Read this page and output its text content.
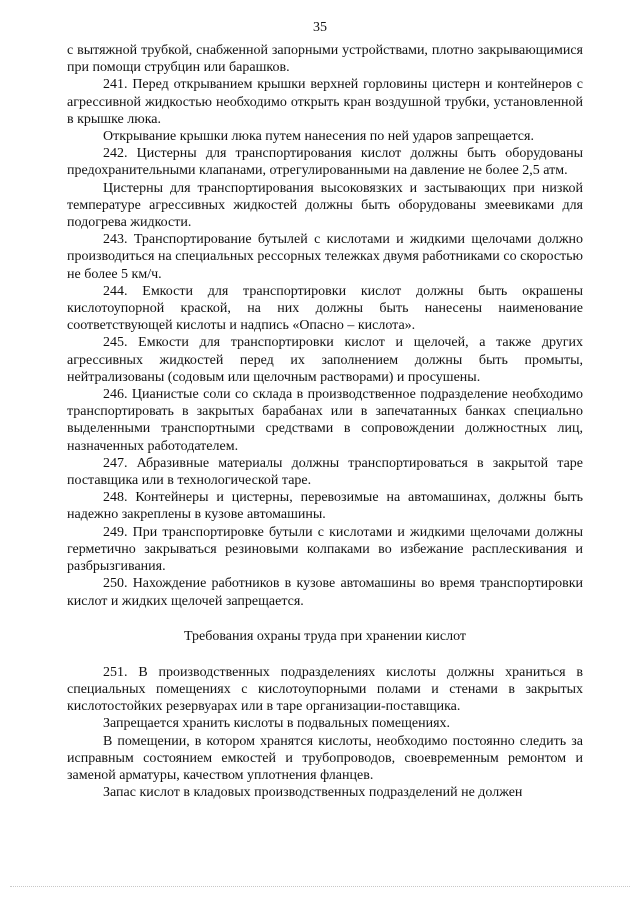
35

с вытяжной трубкой, снабженной запорными устройствами, плотно закрывающимися при помощи струбцин или барашков.

241. Перед открыванием крышки верхней горловины цистерн и контейнеров с агрессивной жидкостью необходимо открыть кран воздушной трубки, установленной в крышке люка.

Открывание крышки люка путем нанесения по ней ударов запрещается.

242. Цистерны для транспортирования кислот должны быть оборудованы предохранительными клапанами, отрегулированными на давление не более 2,5 атм.

Цистерны для транспортирования высоковязких и застывающих при низкой температуре агрессивных жидкостей должны быть оборудованы змеевиками для подогрева жидкости.

243. Транспортирование бутылей с кислотами и жидкими щелочами должно производиться на специальных рессорных тележках двумя работниками со скоростью не более 5 км/ч.

244. Емкости для транспортировки кислот должны быть окрашены кислотоупорной краской, на них должны быть нанесены наименование соответствующей кислоты и надпись «Опасно – кислота».

245. Емкости для транспортировки кислот и щелочей, а также других агрессивных жидкостей перед их заполнением должны быть промыты, нейтрализованы (содовым или щелочным растворами) и просушены.

246. Цианистые соли со склада в производственное подразделение необходимо транспортировать в закрытых барабанах или в запечатанных банках специально выделенными транспортными средствами в сопровождении должностных лиц, назначенных работодателем.

247. Абразивные материалы должны транспортироваться в закрытой таре поставщика или в технологической таре.

248. Контейнеры и цистерны, перевозимые на автомашинах, должны быть надежно закреплены в кузове автомашины.

249. При транспортировке бутыли с кислотами и жидкими щелочами должны герметично закрываться резиновыми колпаками во избежание расплескивания и разбрызгивания.

250. Нахождение работников в кузове автомашины во время транспортировки кислот и жидких щелочей запрещается.

Требования охраны труда при хранении кислот

251. В производственных подразделениях кислоты должны храниться в специальных помещениях с кислотоупорными полами и стенами в закрытых кислотостойких резервуарах или в таре организации-поставщика.

Запрещается хранить кислоты в подвальных помещениях.

В помещении, в котором хранятся кислоты, необходимо постоянно следить за исправным состоянием емкостей и трубопроводов, своевременным ремонтом и заменой арматуры, качеством уплотнения фланцев.

Запас кислот в кладовых производственных подразделений не должен
